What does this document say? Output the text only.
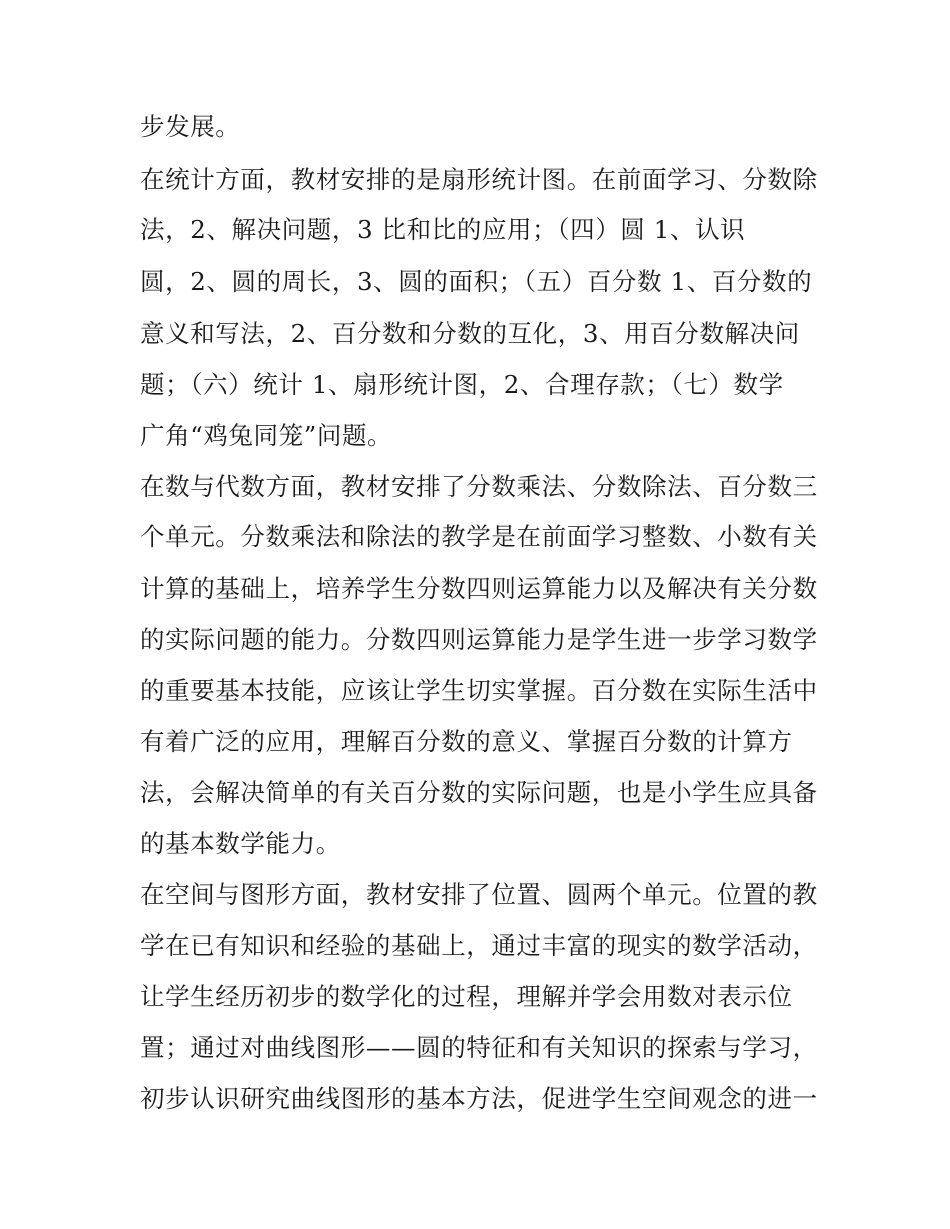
步发展。
在统计方面，教材安排的是扇形统计图。在前面学习、分数除
法，2、解决问题，3 比和比的应用；（四）圆 1、认识
圆，2、圆的周长，3、圆的面积；（五）百分数 1、百分数的
意义和写法，2、百分数和分数的互化，3、用百分数解决问
题；（六）统计 1、扇形统计图，2、合理存款；（七）数学
广角“鸡兔同笼”问题。
在数与代数方面，教材安排了分数乘法、分数除法、百分数三
个单元。分数乘法和除法的教学是在前面学习整数、小数有关
计算的基础上，培养学生分数四则运算能力以及解决有关分数
的实际问题的能力。分数四则运算能力是学生进一步学习数学
的重要基本技能，应该让学生切实掌握。百分数在实际生活中
有着广泛的应用，理解百分数的意义、掌握百分数的计算方
法，会解决简单的有关百分数的实际问题，也是小学生应具备
的基本数学能力。
在空间与图形方面，教材安排了位置、圆两个单元。位置的教
学在已有知识和经验的基础上，通过丰富的现实的数学活动，
让学生经历初步的数学化的过程，理解并学会用数对表示位
置；通过对曲线图形——圆的特征和有关知识的探索与学习，
初步认识研究曲线图形的基本方法，促进学生空间观念的进一
